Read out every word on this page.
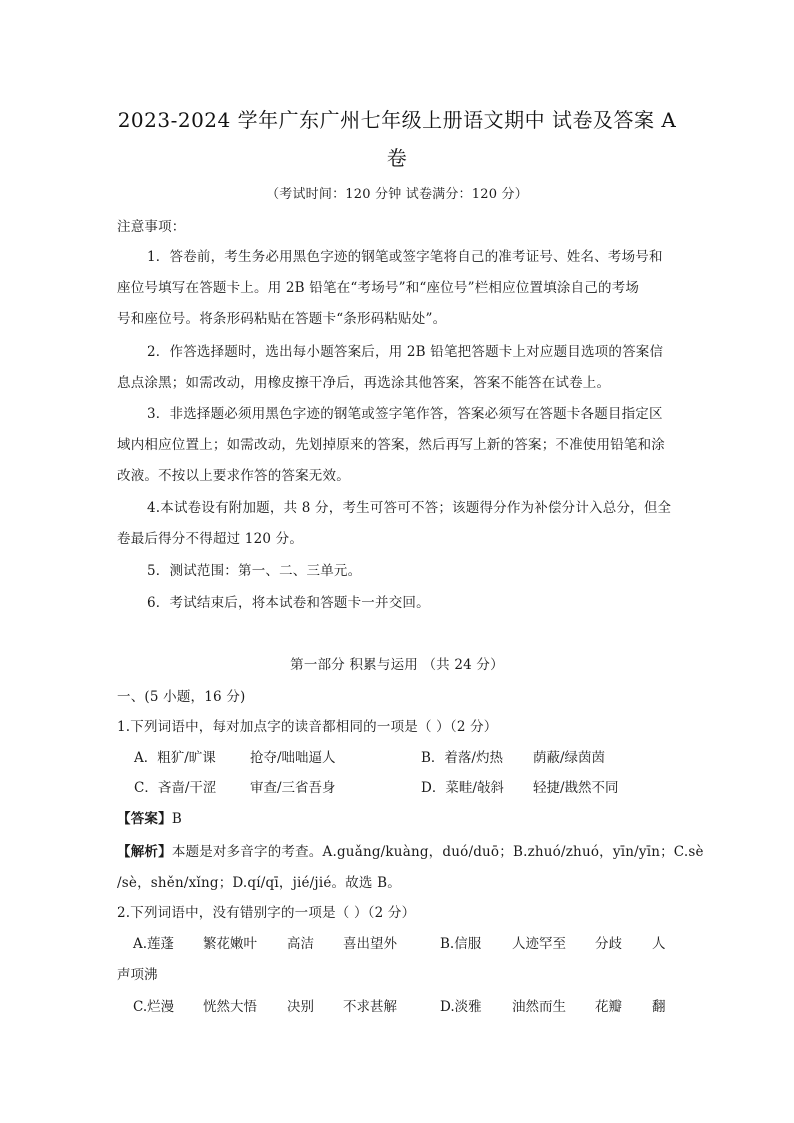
2023-2024 学年广东广州七年级上册语文期中 试卷及答案 A
卷
（考试时间：120 分钟 试卷满分：120 分）
注意事项：
1．答卷前，考生务必用黑色字迹的钢笔或签字笔将自己的准考证号、姓名、考场号和
座位号填写在答题卡上。用 2B 铅笔在“考场号”和“座位号”栏相应位置填涂自己的考场
号和座位号。将条形码粘贴在答题卡“条形码粘贴处”。
2．作答选择题时，选出每小题答案后，用 2B 铅笔把答题卡上对应题目选项的答案信
息点涂黑；如需改动，用橡皮擦干净后，再选涂其他答案，答案不能答在试卷上。
3．非选择题必须用黑色字迹的钢笔或签字笔作答，答案必须写在答题卡各题目指定区
域内相应位置上；如需改动，先划掉原来的答案，然后再写上新的答案；不准使用铅笔和涂
改液。不按以上要求作答的答案无效。
4.本试卷设有附加题，共 8 分，考生可答可不答；该题得分作为补偿分计入总分，但全
卷最后得分不得超过 120 分。
5．测试范围：第一、二、三单元。
6．考试结束后，将本试卷和答题卡一并交回。
第一部分 积累与运用 （共 24 分）
一、(5 小题，16 分)
1.下列词语中，每对加点字的读音都相同的一项是（ ）（2 分）
A．粗犷/旷课	抢夺/咄咄逼人	B．着落/灼热 荫蔽/绿茵茵
C．吝啬/干涩 审查/三省吾身	D．菜畦/敧斜 轻捷/戡然不同
【答案】B
【解析】本题是对多音字的考查。A.guǎng/kuàng，duó/duō；B.zhuó/zhuó，yīn/yīn；C.sè
/sè，shěn/xǐng；D.qí/qī，jié/jié。故选 B。
2.下列词语中，没有错别字的一项是（ ）（2 分）
A.莲蓬 繁花嫩叶 高洁 喜出望外	B.信服 人迹罕至 分歧 人
声项沸
C.烂漫 恍然大悟 决别 不求甚解	D.淡雅 油然而生 花瓣 翻
